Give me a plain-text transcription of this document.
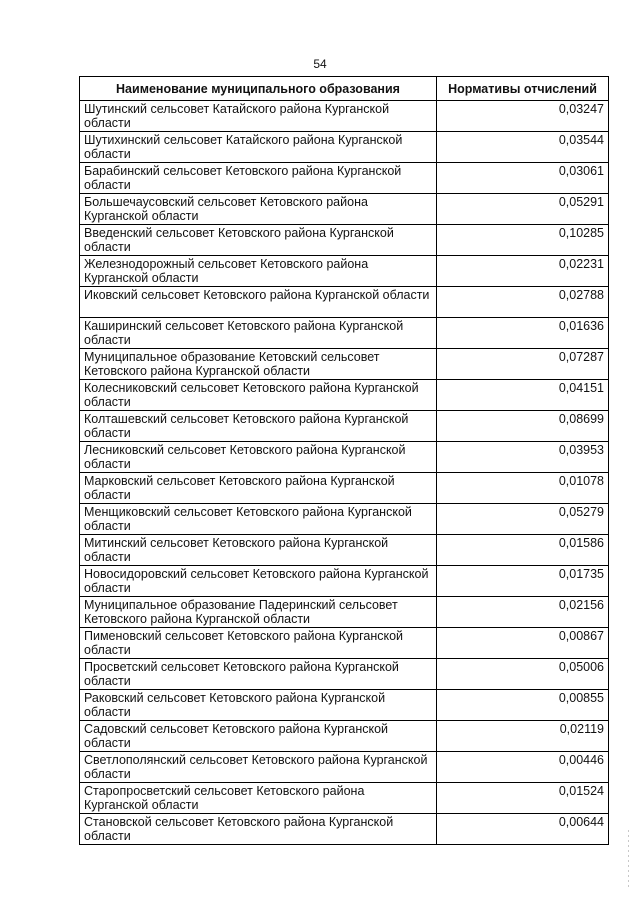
54
Наименование муниципального образования	Нормативы отчислений
Шутинский сельсовет Катайского района Курганской области	0,03247
Шутихинский сельсовет Катайского района Курганской области	0,03544
Барабинский сельсовет Кетовского района Курганской области	0,03061
Большечаусовский сельсовет Кетовского района Курганской области	0,05291
Введенский сельсовет Кетовского района Курганской области	0,10285
Железнодорожный сельсовет Кетовского района Курганской области	0,02231
Иковский сельсовет Кетовского района Курганской области	0,02788
Каширинский сельсовет Кетовского района Курганской области	0,01636
Муниципальное образование Кетовский сельсовет Кетовского района Курганской области	0,07287
Колесниковский сельсовет Кетовского района Курганской области	0,04151
Колташевский сельсовет Кетовского района Курганской области	0,08699
Лесниковский сельсовет Кетовского района Курганской области	0,03953
Марковский сельсовет Кетовского района Курганской области	0,01078
Менщиковский сельсовет Кетовского района Курганской области	0,05279
Митинский сельсовет Кетовского района Курганской области	0,01586
Новосидоровский сельсовет Кетовского района Курганской области	0,01735
Муниципальное образование Падеринский сельсовет Кетовского района Курганской области	0,02156
Пименовский сельсовет Кетовского района Курганской области	0,00867
Просветский сельсовет Кетовского района Курганской области	0,05006
Раковский сельсовет Кетовского района Курганской области	0,00855
Садовский сельсовет Кетовского района Курганской области	0,02119
Светлополянский сельсовет Кетовского района Курганской области	0,00446
Старопросветский сельсовет Кетовского района Курганской области	0,01524
Становской сельсовет Кетовского района Курганской области	0,00644
